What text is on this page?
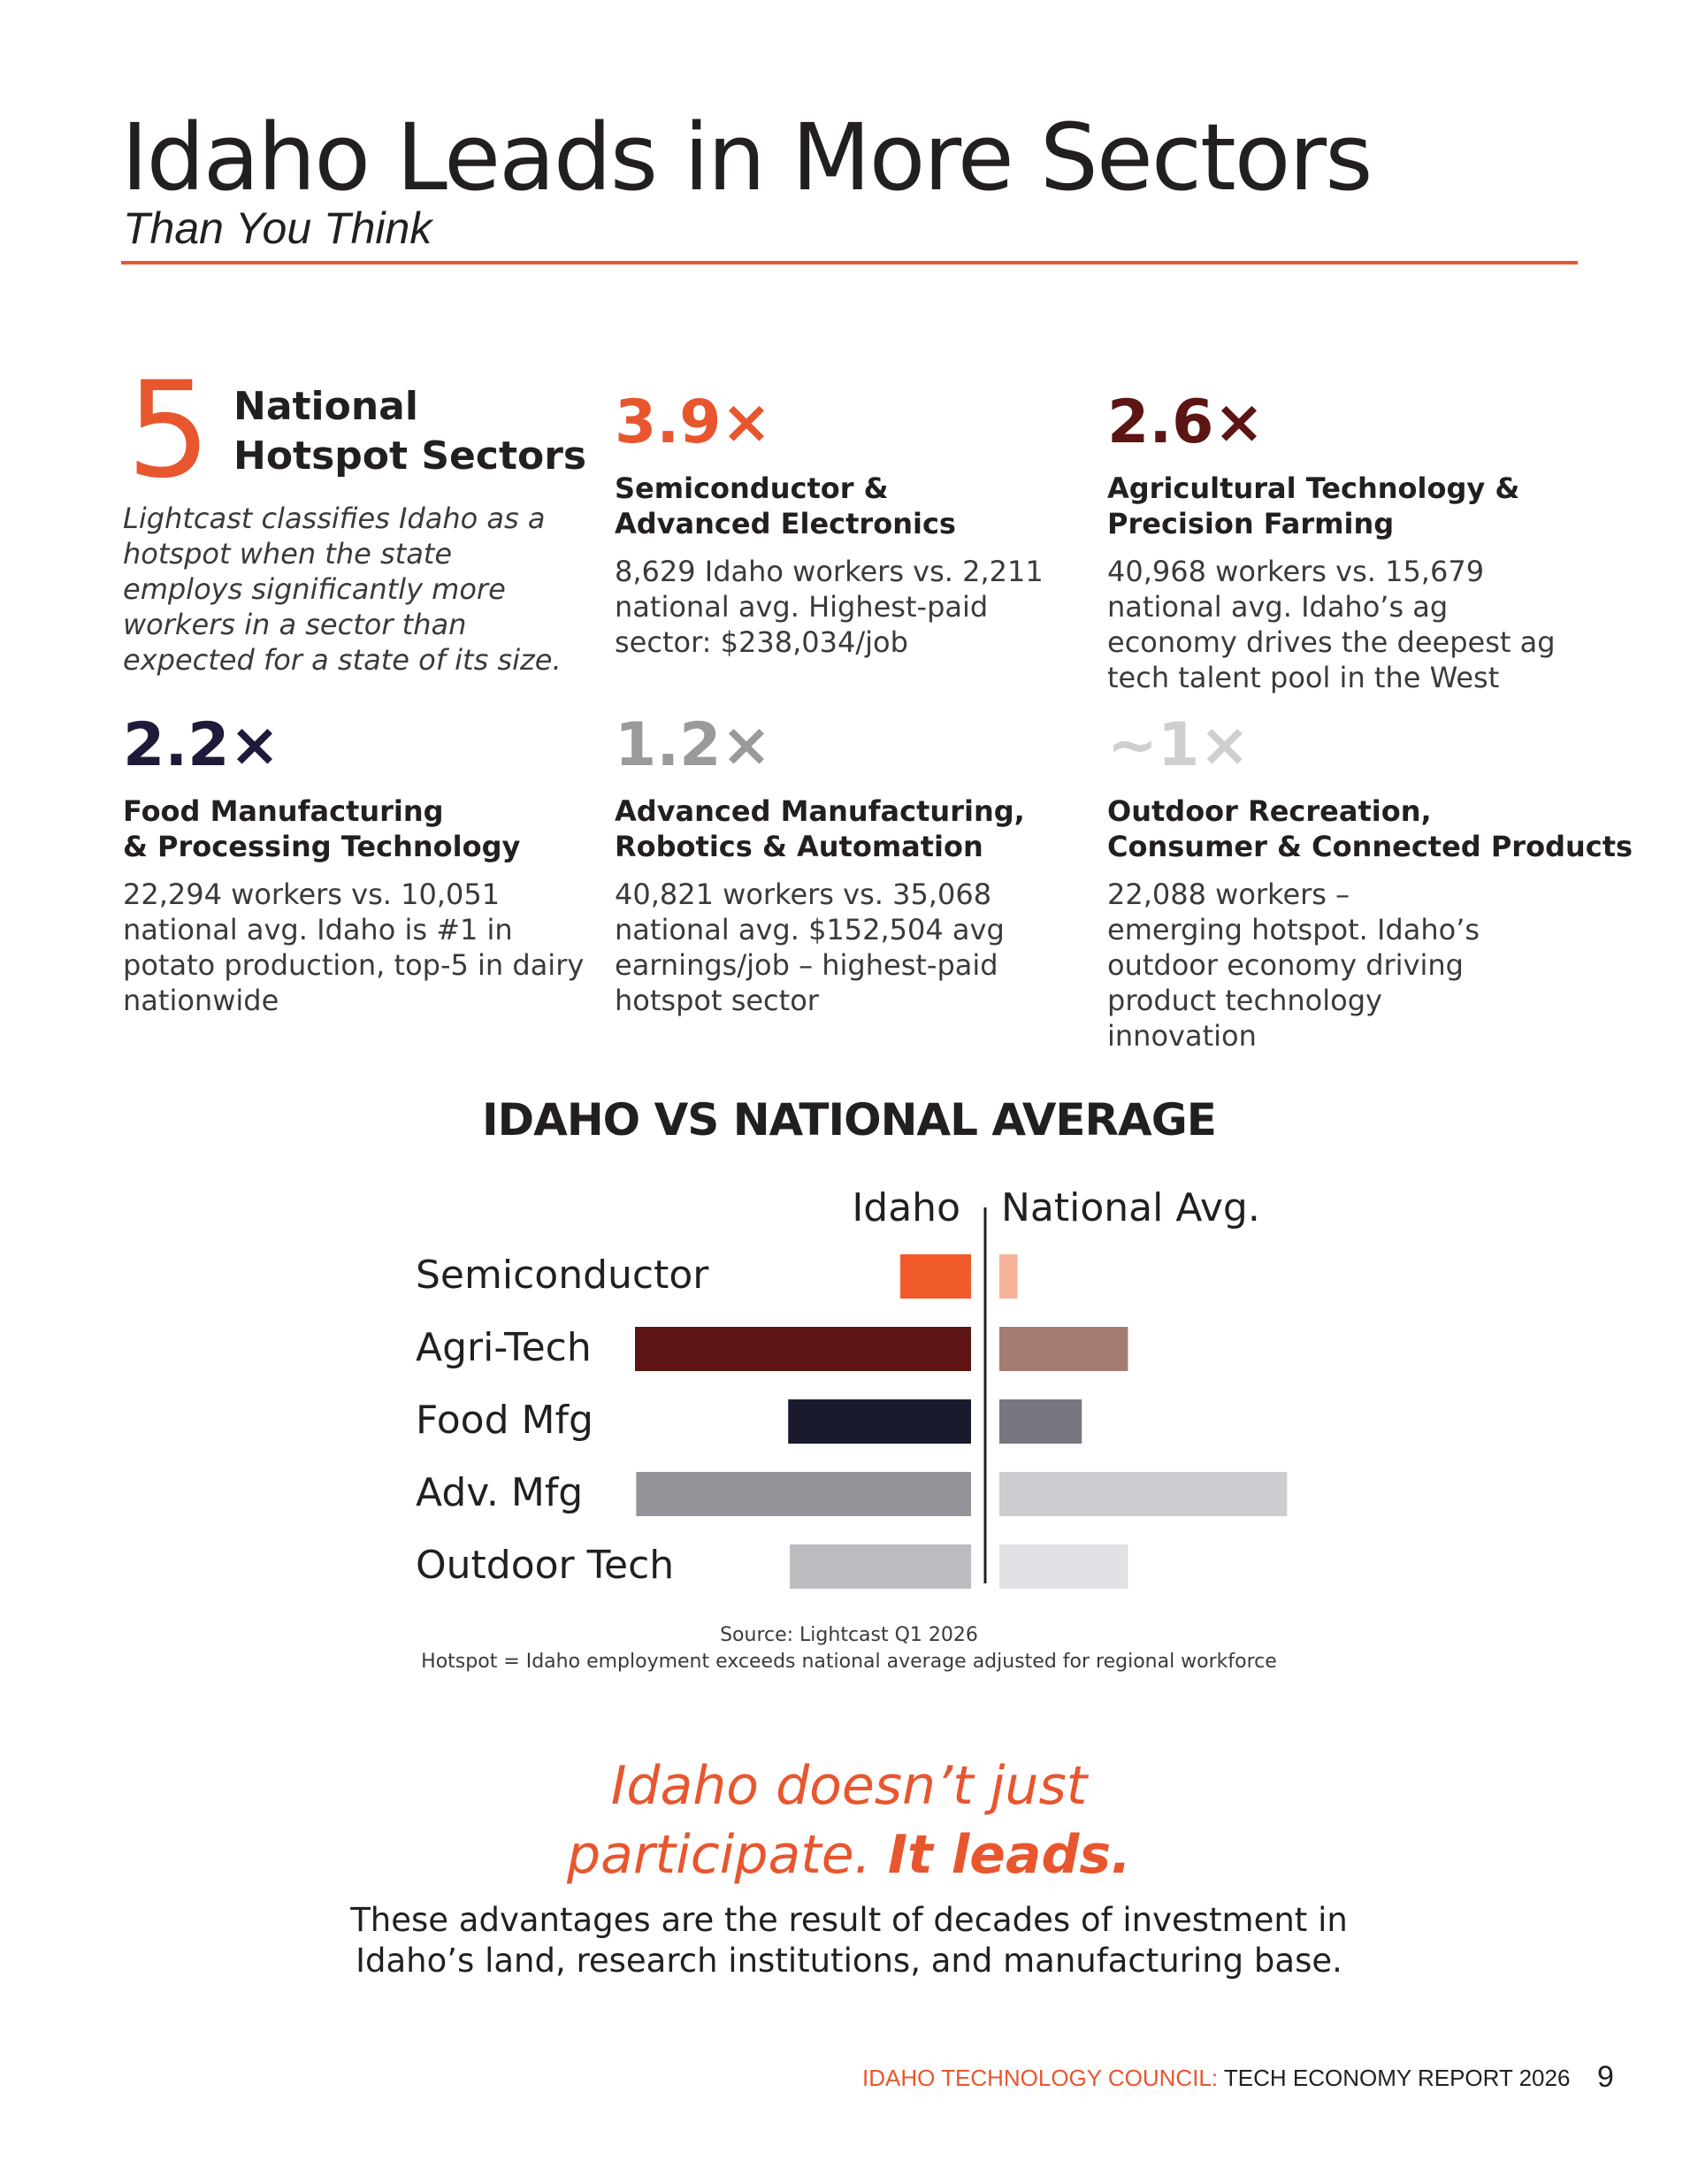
Idaho Leads in More Sectors
Than You Think
5 National
Hotspot Sectors
Lightcast classifies Idaho as a hotspot when the state employs significantly more workers in a sector than expected for a state of its size.
3.9×
Semiconductor &
Advanced Electronics
8,629 Idaho workers vs. 2,211 national avg. Highest-paid sector: $238,034/job
2.6×
Agricultural Technology &
Precision Farming
40,968 workers vs. 15,679 national avg. Idaho’s ag economy drives the deepest ag tech talent pool in the West
2.2×
Food Manufacturing
& Processing Technology
22,294 workers vs. 10,051 national avg. Idaho is #1 in potato production, top-5 in dairy nationwide
1.2×
Advanced Manufacturing,
Robotics & Automation
40,821 workers vs. 35,068 national avg. $152,504 avg earnings/job – highest-paid hotspot sector
~1×
Outdoor Recreation,
Consumer & Connected Products
22,088 workers – emerging hotspot. Idaho’s outdoor economy driving product technology innovation
IDAHO VS NATIONAL AVERAGE
Idaho National Avg.
Semiconductor
Agri-Tech
Food Mfg
Adv. Mfg
Outdoor Tech
Source: Lightcast Q1 2026
Hotspot = Idaho employment exceeds national average adjusted for regional workforce
Idaho doesn’t just
participate. It leads.
These advantages are the result of decades of investment in
Idaho’s land, research institutions, and manufacturing base.
IDAHO TECHNOLOGY COUNCIL: TECH ECONOMY REPORT 2026 9
